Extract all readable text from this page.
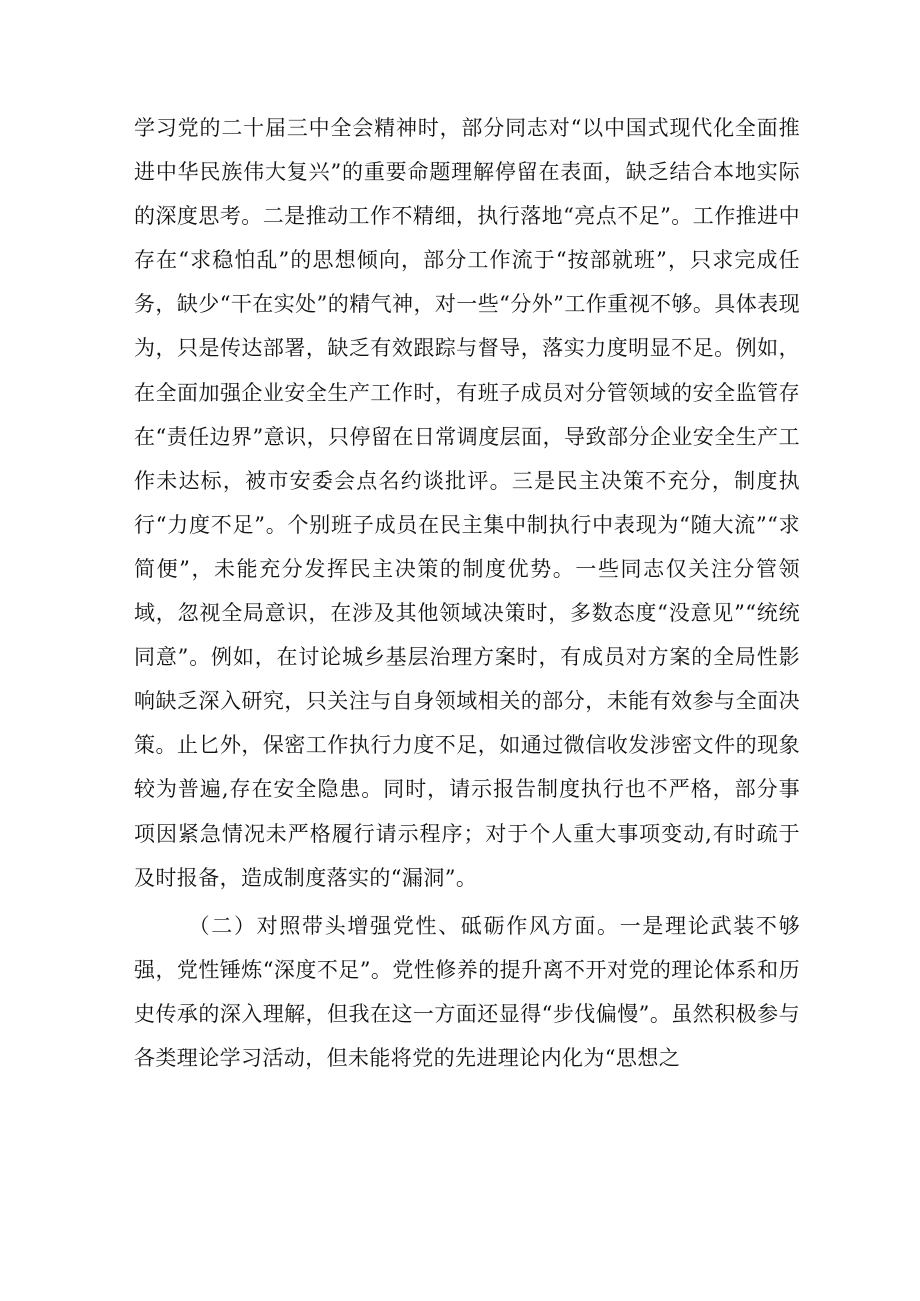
学习党的二十届三中全会精神时，部分同志对“以中国式现代化全面推进中华民族伟大复兴”的重要命题理解停留在表面，缺乏结合本地实际的深度思考。二是推动工作不精细，执行落地“亮点不足”。工作推进中存在“求稳怕乱”的思想倾向，部分工作流于“按部就班”，只求完成任务，缺少“干在实处”的精气神，对一些“分外”工作重视不够。具体表现为，只是传达部署，缺乏有效跟踪与督导，落实力度明显不足。例如，在全面加强企业安全生产工作时，有班子成员对分管领域的安全监管存在“责任边界”意识，只停留在日常调度层面，导致部分企业安全生产工作未达标，被市安委会点名约谈批评。三是民主决策不充分，制度执行“力度不足”。个别班子成员在民主集中制执行中表现为“随大流”“求简便”，未能充分发挥民主决策的制度优势。一些同志仅关注分管领域，忽视全局意识，在涉及其他领域决策时，多数态度“没意见”“统统同意”。例如，在讨论城乡基层治理方案时，有成员对方案的全局性影响缺乏深入研究，只关注与自身领域相关的部分，未能有效参与全面决策。止匕外，保密工作执行力度不足，如通过微信收发涉密文件的现象较为普遍,存在安全隐患。同时，请示报告制度执行也不严格，部分事项因紧急情况未严格履行请示程序；对于个人重大事项变动,有时疏于及时报备，造成制度落实的“漏洞”。

（二）对照带头增强党性、砥砺作风方面。一是理论武装不够强，党性锤炼“深度不足”。党性修养的提升离不开对党的理论体系和历史传承的深入理解，但我在这一方面还显得“步伐偏慢”。虽然积极参与各类理论学习活动，但未能将党的先进理论内化为“思想之
